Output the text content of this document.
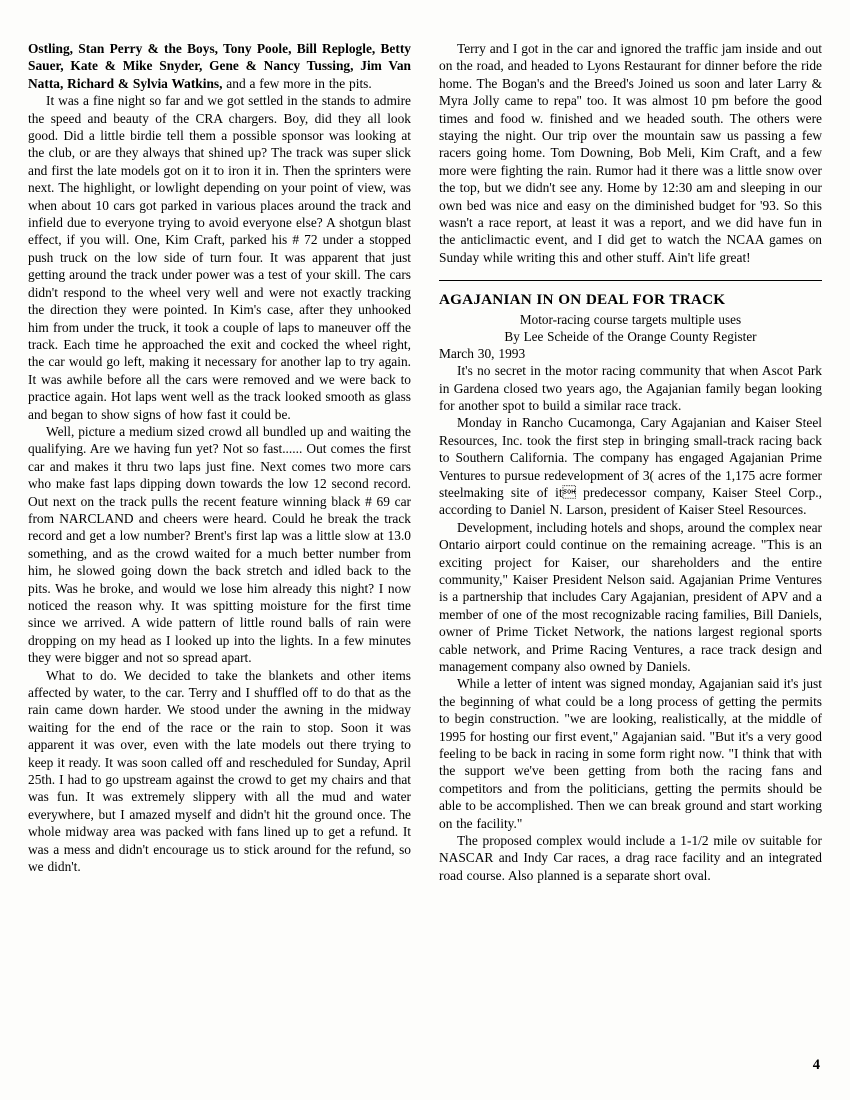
Ostling, Stan Perry & the Boys, Tony Poole, Bill Replogle, Betty Sauer, Kate & Mike Snyder, Gene & Nancy Tussing, Jim Van Natta, Richard & Sylvia Watkins, and a few more in the pits.

It was a fine night so far and we got settled in the stands to admire the speed and beauty of the CRA chargers. Boy, did they all look good. Did a little birdie tell them a possible sponsor was looking at the club, or are they always that shined up? The track was super slick and first the late models got on it to iron it in. Then the sprinters were next. The highlight, or lowlight depending on your point of view, was when about 10 cars got parked in various places around the track and infield due to everyone trying to avoid everyone else? A shotgun blast effect, if you will. One, Kim Craft, parked his # 72 under a stopped push truck on the low side of turn four. It was apparent that just getting around the track under power was a test of your skill. The cars didn't respond to the wheel very well and were not exactly tracking the direction they were pointed. In Kim's case, after they unhooked him from under the truck, it took a couple of laps to maneuver off the track. Each time he approached the exit and cocked the wheel right, the car would go left, making it necessary for another lap to try again. It was awhile before all the cars were removed and we were back to practice again. Hot laps went well as the track looked smooth as glass and began to show signs of how fast it could be.

Well, picture a medium sized crowd all bundled up and waiting the qualifying. Are we having fun yet? Not so fast...... Out comes the first car and makes it thru two laps just fine. Next comes two more cars who make fast laps dipping down towards the low 12 second record. Out next on the track pulls the recent feature winning black # 69 car from NARCLAND and cheers were heard. Could he break the track record and get a low number? Brent's first lap was a little slow at 13.0 something, and as the crowd waited for a much better number from him, he slowed going down the back stretch and idled back to the pits. Was he broke, and would we lose him already this night? I now noticed the reason why. It was spitting moisture for the first time since we arrived. A wide pattern of little round balls of rain were dropping on my head as I looked up into the lights. In a few minutes they were bigger and not so spread apart.

What to do. We decided to take the blankets and other items affected by water, to the car. Terry and I shuffled off to do that as the rain came down harder. We stood under the awning in the midway waiting for the end of the race or the rain to stop. Soon it was apparent it was over, even with the late models out there trying to keep it ready. It was soon called off and rescheduled for Sunday, April 25th. I had to go upstream against the crowd to get my chairs and that was fun. It was extremely slippery with all the mud and water everywhere, but I amazed myself and didn't hit the ground once. The whole midway area was packed with fans lined up to get a refund. It was a mess and didn't encourage us to stick around for the refund, so we didn't.

Terry and I got in the car and ignored the traffic jam inside and out on the road, and headed to Lyons Restaurant for dinner before the ride home. The Bogan's and the Breed's Joined us soon and later Larry & Myra Jolly came to repa'' too. It was almost 10 pm before the good times and food w. finished and we headed south. The others were staying the night. Our trip over the mountain saw us passing a few racers going home. Tom Downing, Bob Meli, Kim Craft, and a few more were fighting the rain. Rumor had it there was a little snow over the top, but we didn't see any. Home by 12:30 am and sleeping in our own bed was nice and easy on the diminished budget for '93. So this wasn't a race report, at least it was a report, and we did have fun in the anticlimactic event, and I did get to watch the NCAA games on Sunday while writing this and other stuff. Ain't life great!

AGAJANIAN IN ON DEAL FOR TRACK

Motor-racing course targets multiple uses

By Lee Scheide of the Orange County Register

March 30, 1993

It's no secret in the motor racing community that when Ascot Park in Gardena closed two years ago, the Agajanian family began looking for another spot to build a similar race track.

Monday in Rancho Cucamonga, Cary Agajanian and Kaiser Steel Resources, Inc. took the first step in bringing small-track racing back to Southern California. The company has engaged Agajanian Prime Ventures to pursue redevelopment of 3( acres of the 1,175 acre former steelmaking site of it predecessor company, Kaiser Steel Corp., according to Daniel N. Larson, president of Kaiser Steel Resources.

Development, including hotels and shops, around the complex near Ontario airport could continue on the remaining acreage. "This is an exciting project for Kaiser, our shareholders and the entire community," Kaiser President Nelson said. Agajanian Prime Ventures is a partnership that includes Cary Agajanian, president of APV and a member of one of the most recognizable racing families, Bill Daniels, owner of Prime Ticket Network, the nations largest regional sports cable network, and Prime Racing Ventures, a race track design and management company also owned by Daniels.

While a letter of intent was signed monday, Agajanian said it's just the beginning of what could be a long process of getting the permits to begin construction. "we are looking, realistically, at the middle of 1995 for hosting our first event," Agajanian said. "But it's a very good feeling to be back in racing in some form right now. "I think that with the support we've been getting from both the racing fans and competitors and from the politicians, getting the permits should be able to be accomplished. Then we can break ground and start working on the facility."

The proposed complex would include a 1-1/2 mile ov suitable for NASCAR and Indy Car races, a drag race facility and an integrated road course. Also planned is a separate short oval.

4
